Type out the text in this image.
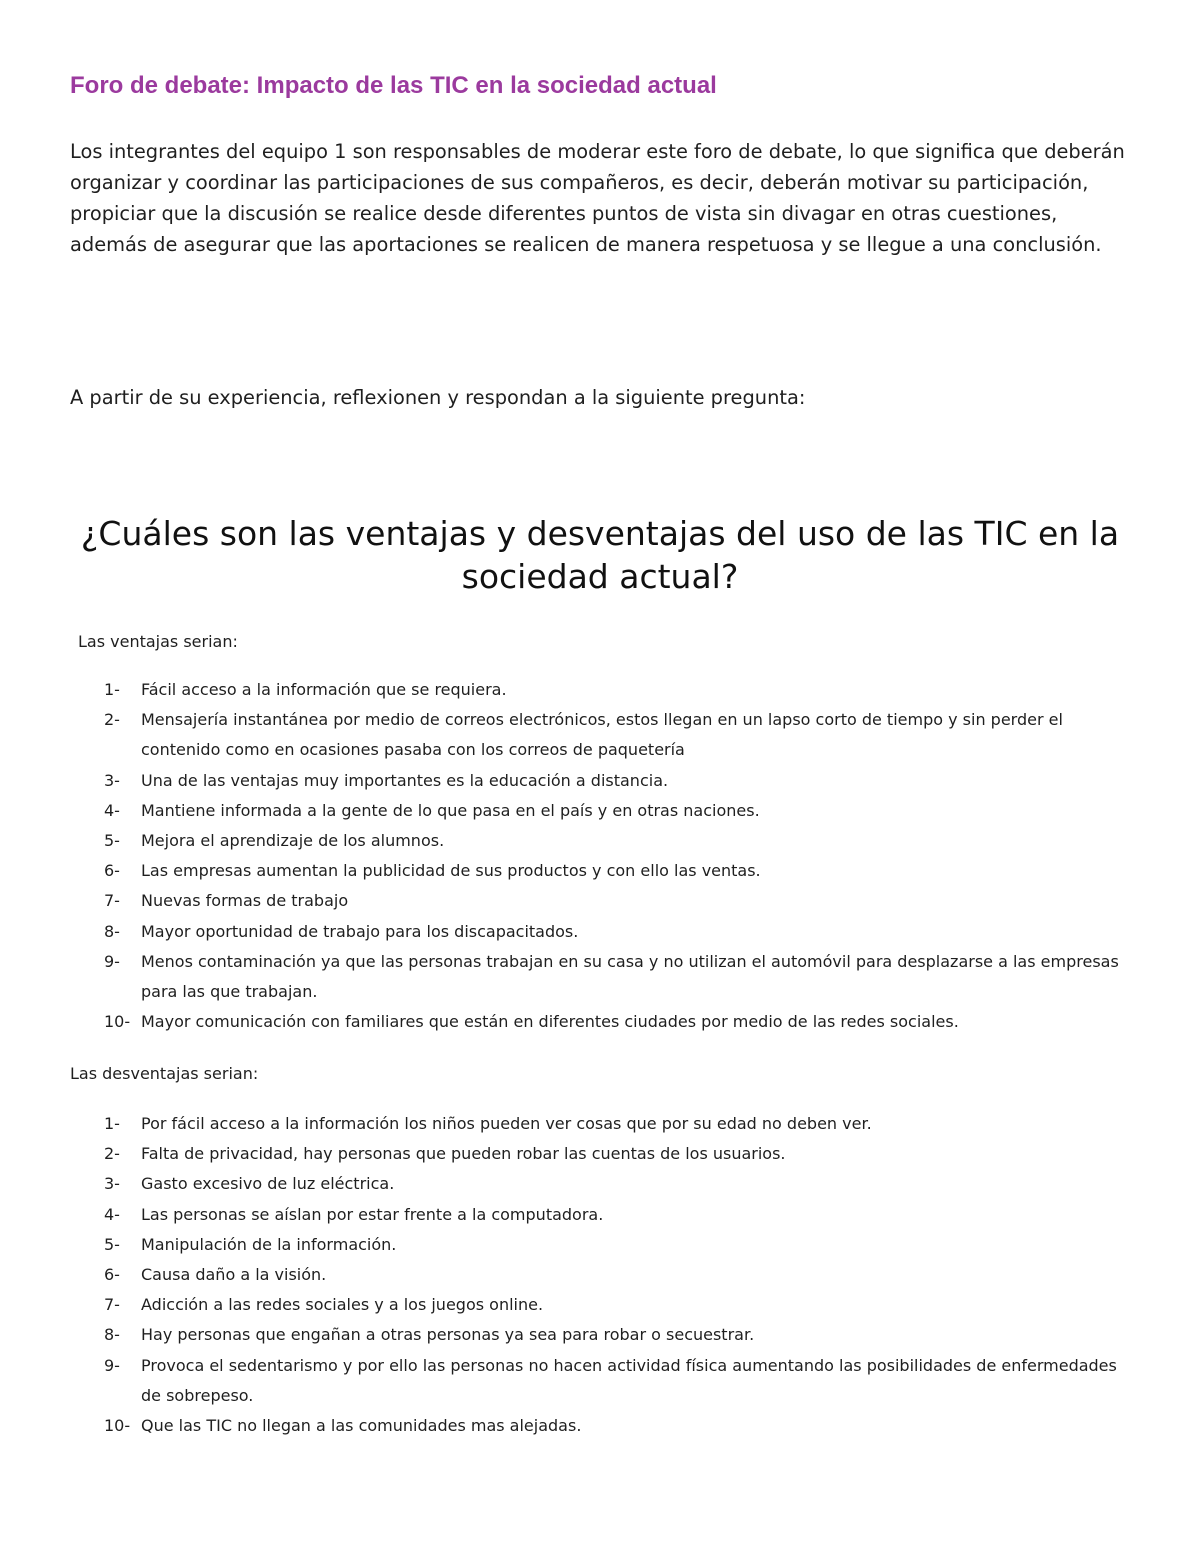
Foro de debate: Impacto de las TIC en la sociedad actual

Los integrantes del equipo 1 son responsables de moderar este foro de debate, lo que significa que deberán organizar y coordinar las participaciones de sus compañeros, es decir, deberán motivar su participación, propiciar que la discusión se realice desde diferentes puntos de vista sin divagar en otras cuestiones, además de asegurar que las aportaciones se realicen de manera respetuosa y se llegue a una conclusión.

A partir de su experiencia, reflexionen y respondan a la siguiente pregunta:

¿Cuáles son las ventajas y desventajas del uso de las TIC en la sociedad actual?

Las ventajas serian:

1- Fácil acceso a la información que se requiera.
2- Mensajería instantánea por medio de correos electrónicos, estos llegan en un lapso corto de tiempo y sin perder el contenido como en ocasiones pasaba con los correos de paquetería
3- Una de las ventajas muy importantes es la educación a distancia.
4- Mantiene informada a la gente de lo que pasa en el país y en otras naciones.
5- Mejora el aprendizaje de los alumnos.
6- Las empresas aumentan la publicidad de sus productos y con ello las ventas.
7- Nuevas formas de trabajo
8- Mayor oportunidad de trabajo para los discapacitados.
9- Menos contaminación ya que las personas trabajan en su casa y no utilizan el automóvil para desplazarse a las empresas para las que trabajan.
10- Mayor comunicación con familiares que están en diferentes ciudades por medio de las redes sociales.

Las desventajas serian:

1- Por fácil acceso a la información los niños pueden ver cosas que por su edad no deben ver.
2- Falta de privacidad, hay personas que pueden robar las cuentas de los usuarios.
3- Gasto excesivo de luz eléctrica.
4- Las personas se aíslan por estar frente a la computadora.
5- Manipulación de la información.
6- Causa daño a la visión.
7- Adicción a las redes sociales y a los juegos online.
8- Hay personas que engañan a otras personas ya sea para robar o secuestrar.
9- Provoca el sedentarismo y por ello las personas no hacen actividad física aumentando las posibilidades de enfermedades de sobrepeso.
10- Que las TIC no llegan a las comunidades mas alejadas.
